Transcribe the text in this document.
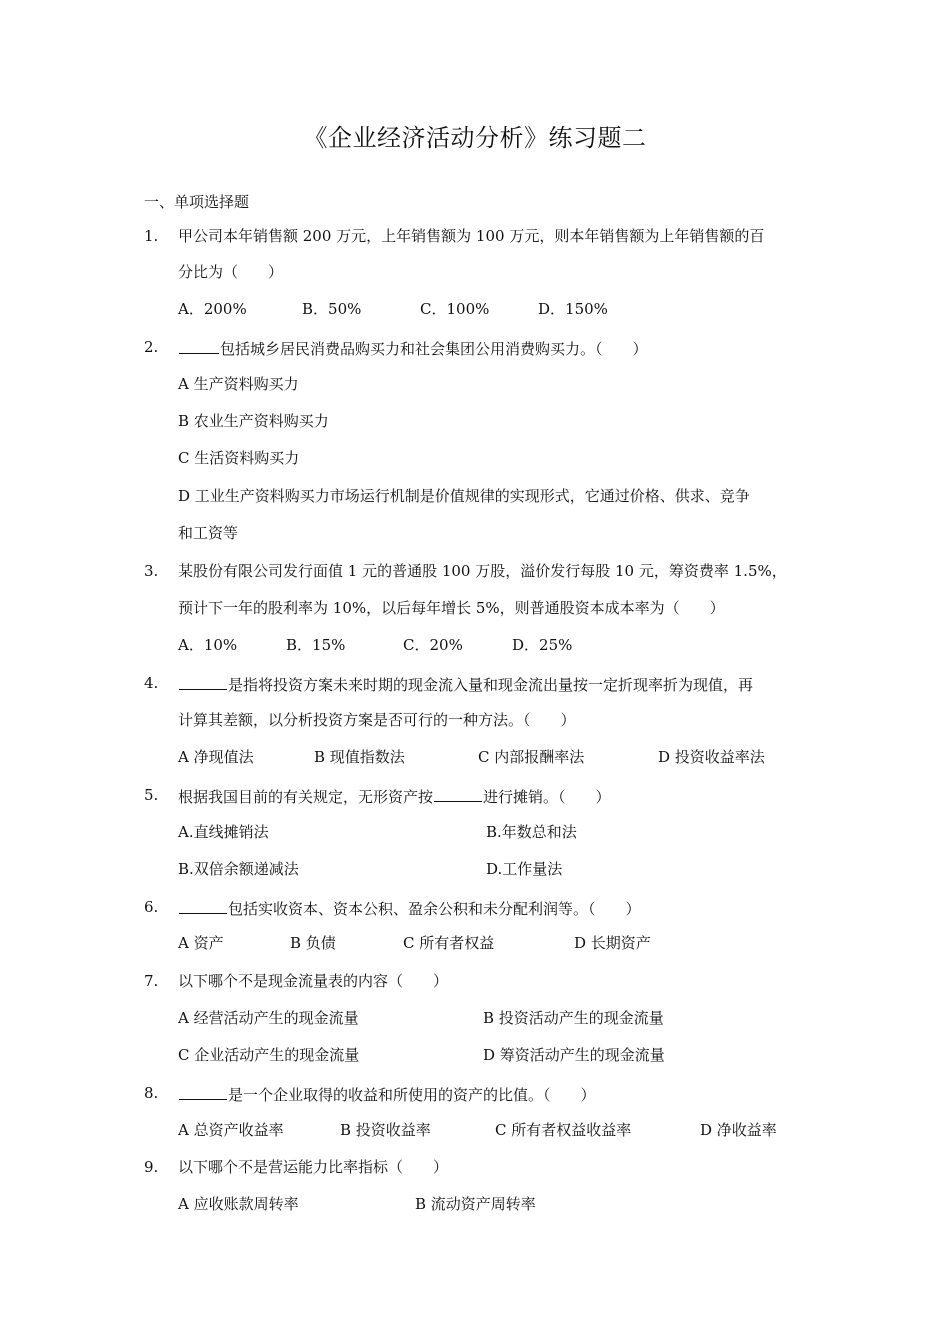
《企业经济活动分析》练习题二
一、单项选择题
1. 甲公司本年销售额 200 万元，上年销售额为 100 万元，则本年销售额为上年销售额的百
分比为（　　）
A．200%	B．50%	C．100%	D．150%
2.	包括城乡居民消费品购买力和社会集团公用消费购买力。（　　）
A 生产资料购买力
B 农业生产资料购买力
C 生活资料购买力
D 工业生产资料购买力市场运行机制是价值规律的实现形式，它通过价格、供求、竞争
和工资等
3. 某股份有限公司发行面值 1 元的普通股 100 万股，溢价发行每股 10 元，筹资费率 1.5%，
预计下一年的股利率为 10%，以后每年增长 5%，则普通股资本成本率为（　　）
A．10%	B．15%	C．20%	D．25%
4.	是指将投资方案未来时期的现金流入量和现金流出量按一定折现率折为现值，再
计算其差额，以分析投资方案是否可行的一种方法。（　　）
A 净现值法	B 现值指数法	C 内部报酬率法	D 投资收益率法
5. 根据我国目前的有关规定，无形资产按	进行摊销。（　　）
A.直线摊销法	B.年数总和法
B.双倍余额递减法	D.工作量法
6.	包括实收资本、资本公积、盈余公积和未分配利润等。（　　）
A 资产	B 负债	C 所有者权益	D 长期资产
7. 以下哪个不是现金流量表的内容（　　）
A 经营活动产生的现金流量	B 投资活动产生的现金流量
C 企业活动产生的现金流量	D 筹资活动产生的现金流量
8.	是一个企业取得的收益和所使用的资产的比值。（　　）
A 总资产收益率	B 投资收益率	C 所有者权益收益率	D 净收益率
9. 以下哪个不是营运能力比率指标（　　）
A 应收账款周转率	B 流动资产周转率
